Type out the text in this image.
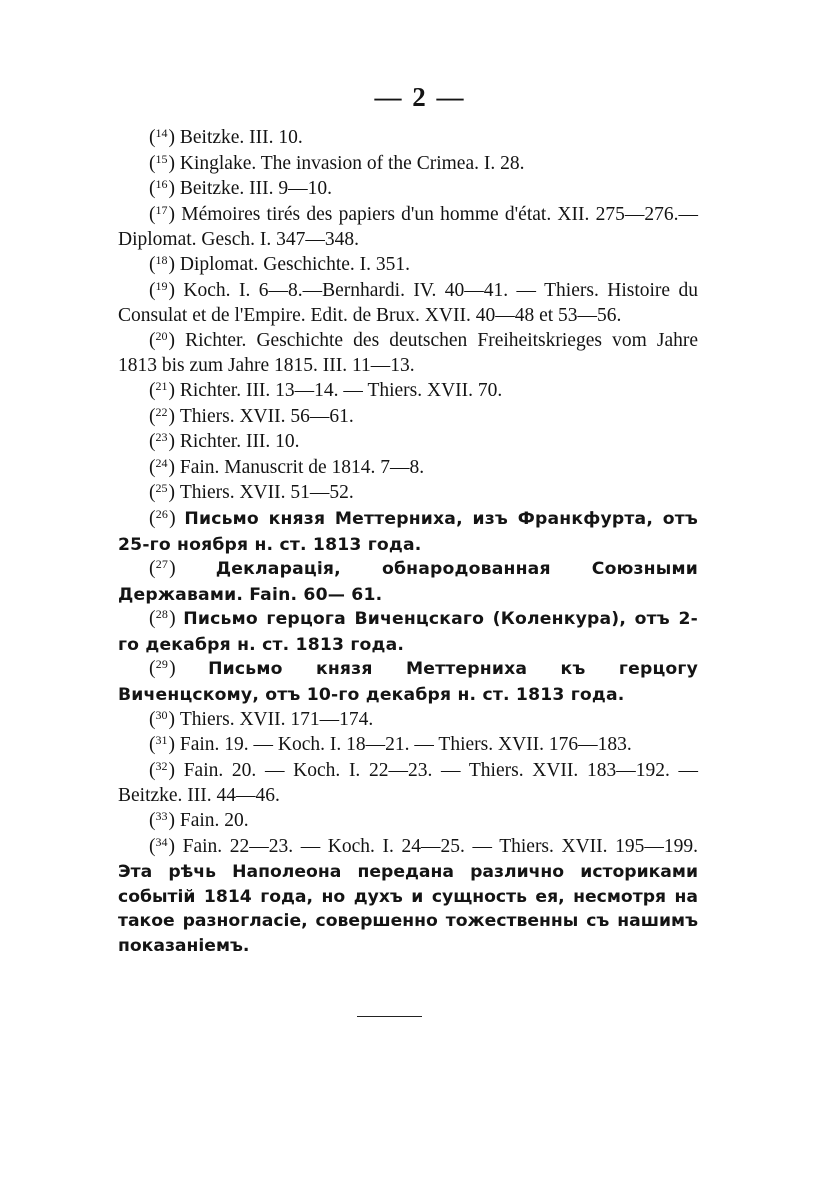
— 2 —
($^{14}$) Beitzke. III. 10.
($^{15}$) Kinglake. The invasion of the Crimea. I. 28.
($^{16}$) Beitzke. III. 9—10.
($^{17}$) Mémoires tirés des papiers d'un homme d'état. XII. 275—276.— Diplomat. Gesch. I. 347—348.
($^{18}$) Diplomat. Geschichte. I. 351.
($^{19}$) Koch. I. 6—8.—Bernhardi. IV. 40—41. — Thiers. Histoire du Consulat et de l'Empire. Edit. de Brux. XVII. 40—48 et 53—56.
($^{20}$) Richter. Geschichte des deutschen Freiheitskrieges vom Jahre 1813 bis zum Jahre 1815. III. 11—13.
($^{21}$) Richter. III. 13—14. — Thiers. XVII. 70.
($^{22}$) Thiers. XVII. 56—61.
($^{23}$) Richter. III. 10.
($^{24}$) Fain. Manuscrit de 1814. 7—8.
($^{25}$) Thiers. XVII. 51—52.
($^{26}$) Письмо князя Меттерниха, изъ Франкфурта, отъ 25-го ноября н. ст. 1813 года.
($^{27}$) Декларація, обнародованная Союзными Державами. Fain. 60— 61.
($^{28}$) Письмо герцога Виченцскаго (Коленкура), отъ 2-го декабря н. ст. 1813 года.
($^{29}$) Письмо князя Меттерниха къ герцогу Виченцскому, отъ 10-го декабря н. ст. 1813 года.
($^{30}$) Thiers. XVII. 171—174.
($^{31}$) Fain. 19. — Koch. I. 18—21. — Thiers. XVII. 176—183.
($^{32}$) Fain. 20. — Koch. I. 22—23. — Thiers. XVII. 183—192. — Beitzke. III. 44—46.
($^{33}$) Fain. 20.
($^{34}$) Fain. 22—23. — Koch. I. 24—25. — Thiers. XVII. 195—199. Эта рѣчь Наполеона передана различно историками событій 1814 года, но духъ и сущность ея, несмотря на такое разногласіе, совершенно тожественны съ нашимъ показаніемъ.
